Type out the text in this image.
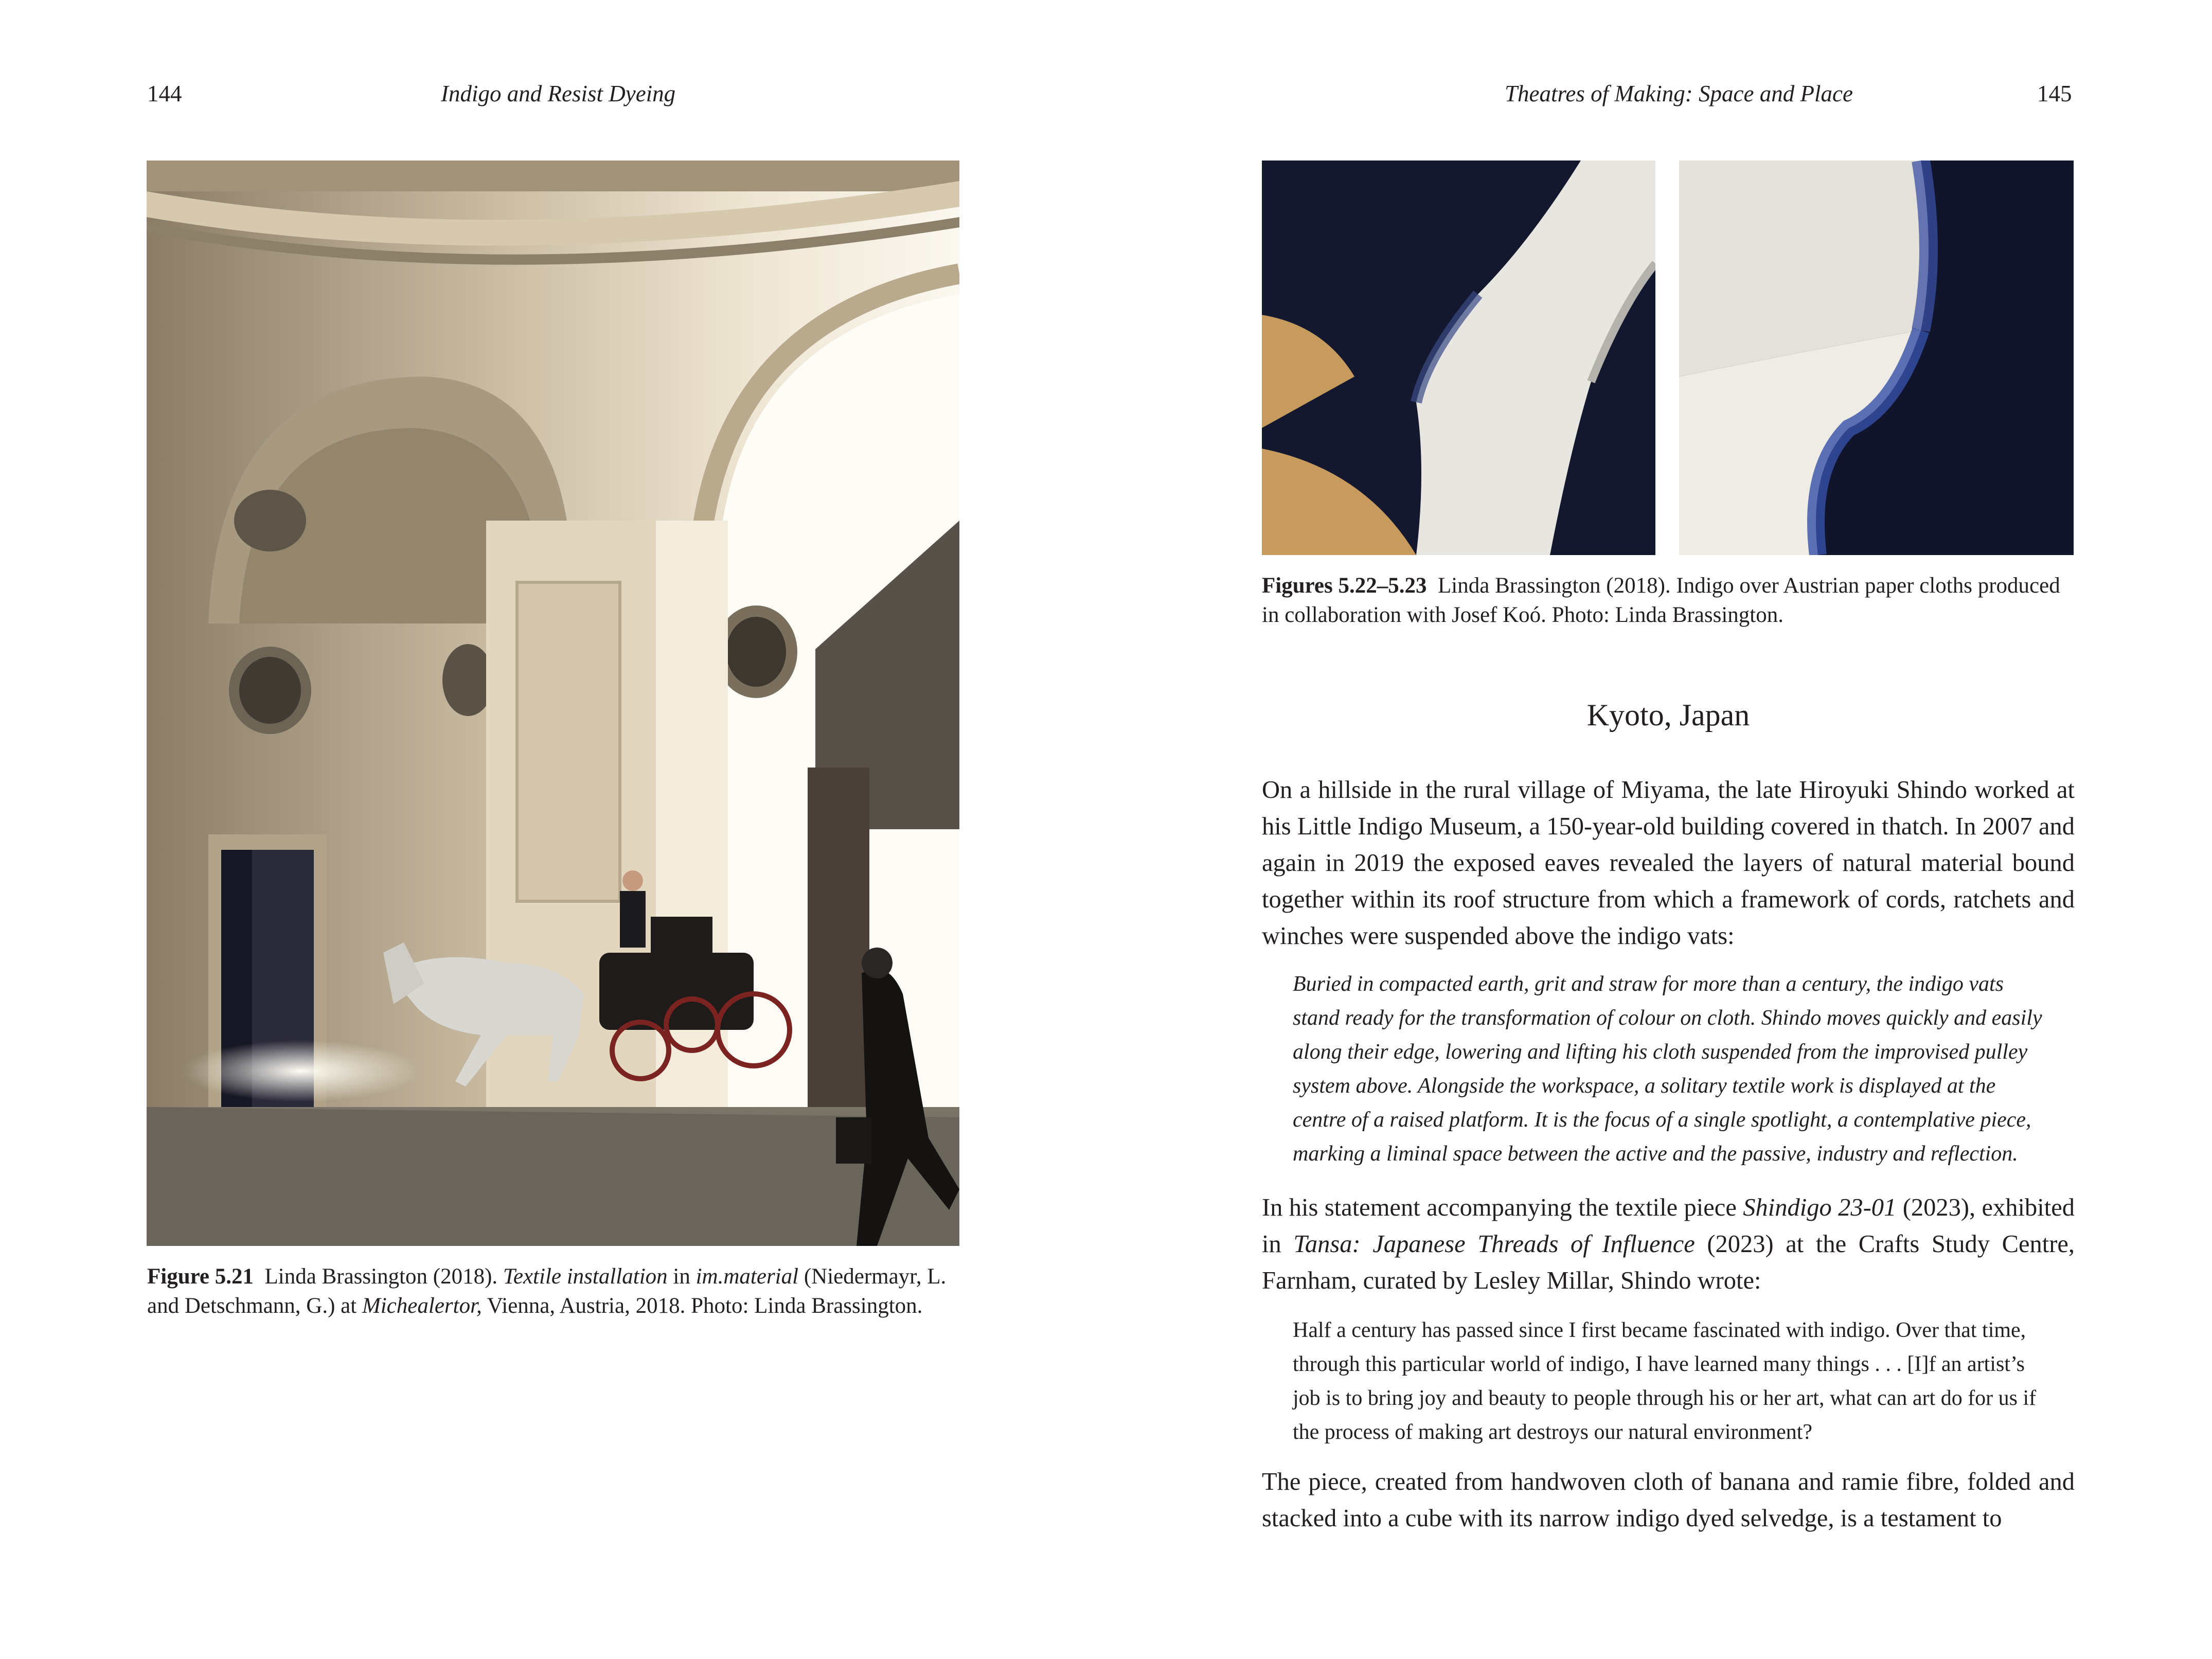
144	Indigo and Resist Dyeing	Theatres of Making: Space and Place	145
Figure 5.21 Linda Brassington (2018). Textile installation in im.material (Niedermayr, L. and Detschmann, G.) at Michealertor, Vienna, Austria, 2018. Photo: Linda Brassington.
Figures 5.22–5.23 Linda Brassington (2018). Indigo over Austrian paper cloths produced in collaboration with Josef Koó. Photo: Linda Brassington.
Kyoto, Japan

On a hillside in the rural village of Miyama, the late Hiroyuki Shindo worked at his Little Indigo Museum, a 150-year-old building covered in thatch. In 2007 and again in 2019 the exposed eaves revealed the layers of natural material bound together within its roof structure from which a framework of cords, ratchets and winches were suspended above the indigo vats:

Buried in compacted earth, grit and straw for more than a century, the indigo vats stand ready for the transformation of colour on cloth. Shindo moves quickly and easily along their edge, lowering and lifting his cloth suspended from the improvised pulley system above. Alongside the workspace, a solitary textile work is displayed at the centre of a raised platform. It is the focus of a single spotlight, a contemplative piece, marking a liminal space between the active and the passive, industry and reflection.

In his statement accompanying the textile piece Shindigo 23-01 (2023), exhibited in Tansa: Japanese Threads of Influence (2023) at the Crafts Study Centre, Farnham, curated by Lesley Millar, Shindo wrote:

Half a century has passed since I first became fascinated with indigo. Over that time, through this particular world of indigo, I have learned many things . . . [I]f an artist’s job is to bring joy and beauty to people through his or her art, what can art do for us if the process of making art destroys our natural environment?

The piece, created from handwoven cloth of banana and ramie fibre, folded and stacked into a cube with its narrow indigo dyed selvedge, is a testament to
